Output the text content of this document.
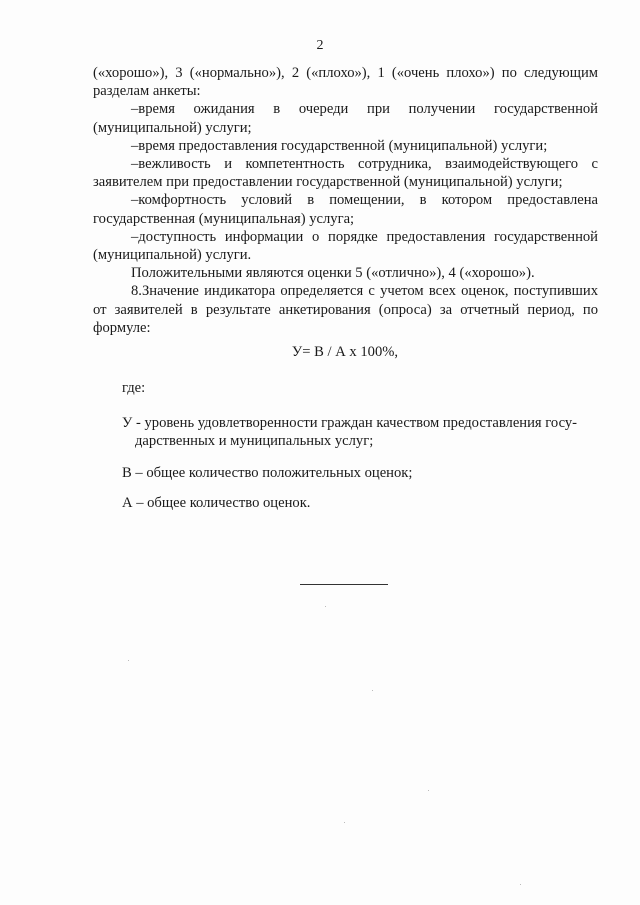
2

(«хорошо»), 3 («нормально»), 2 («плохо»), 1 («очень плохо») по следующим разделам анкеты:

–время ожидания в очереди при получении государственной (муниципальной) услуги;

–время предоставления государственной (муниципальной) услуги;

–вежливость и компетентность сотрудника, взаимодействующего с заявителем при предоставлении государственной (муниципальной) услуги;

–комфортность условий в помещении, в котором предоставлена государственная (муниципальная) услуга;

–доступность информации о порядке предоставления государственной (муниципальной) услуги.

Положительными являются оценки 5 («отлично»), 4 («хорошо»).

8.Значение индикатора определяется с учетом всех оценок, поступивших от заявителей в результате анкетирования (опроса) за отчетный период, по формуле:

У= В / А х 100%,
где:
У - уровень удовлетворенности граждан качеством предоставления госу- дарственных и муниципальных услуг;
В – общее количество положительных оценок;
А – общее количество оценок.
